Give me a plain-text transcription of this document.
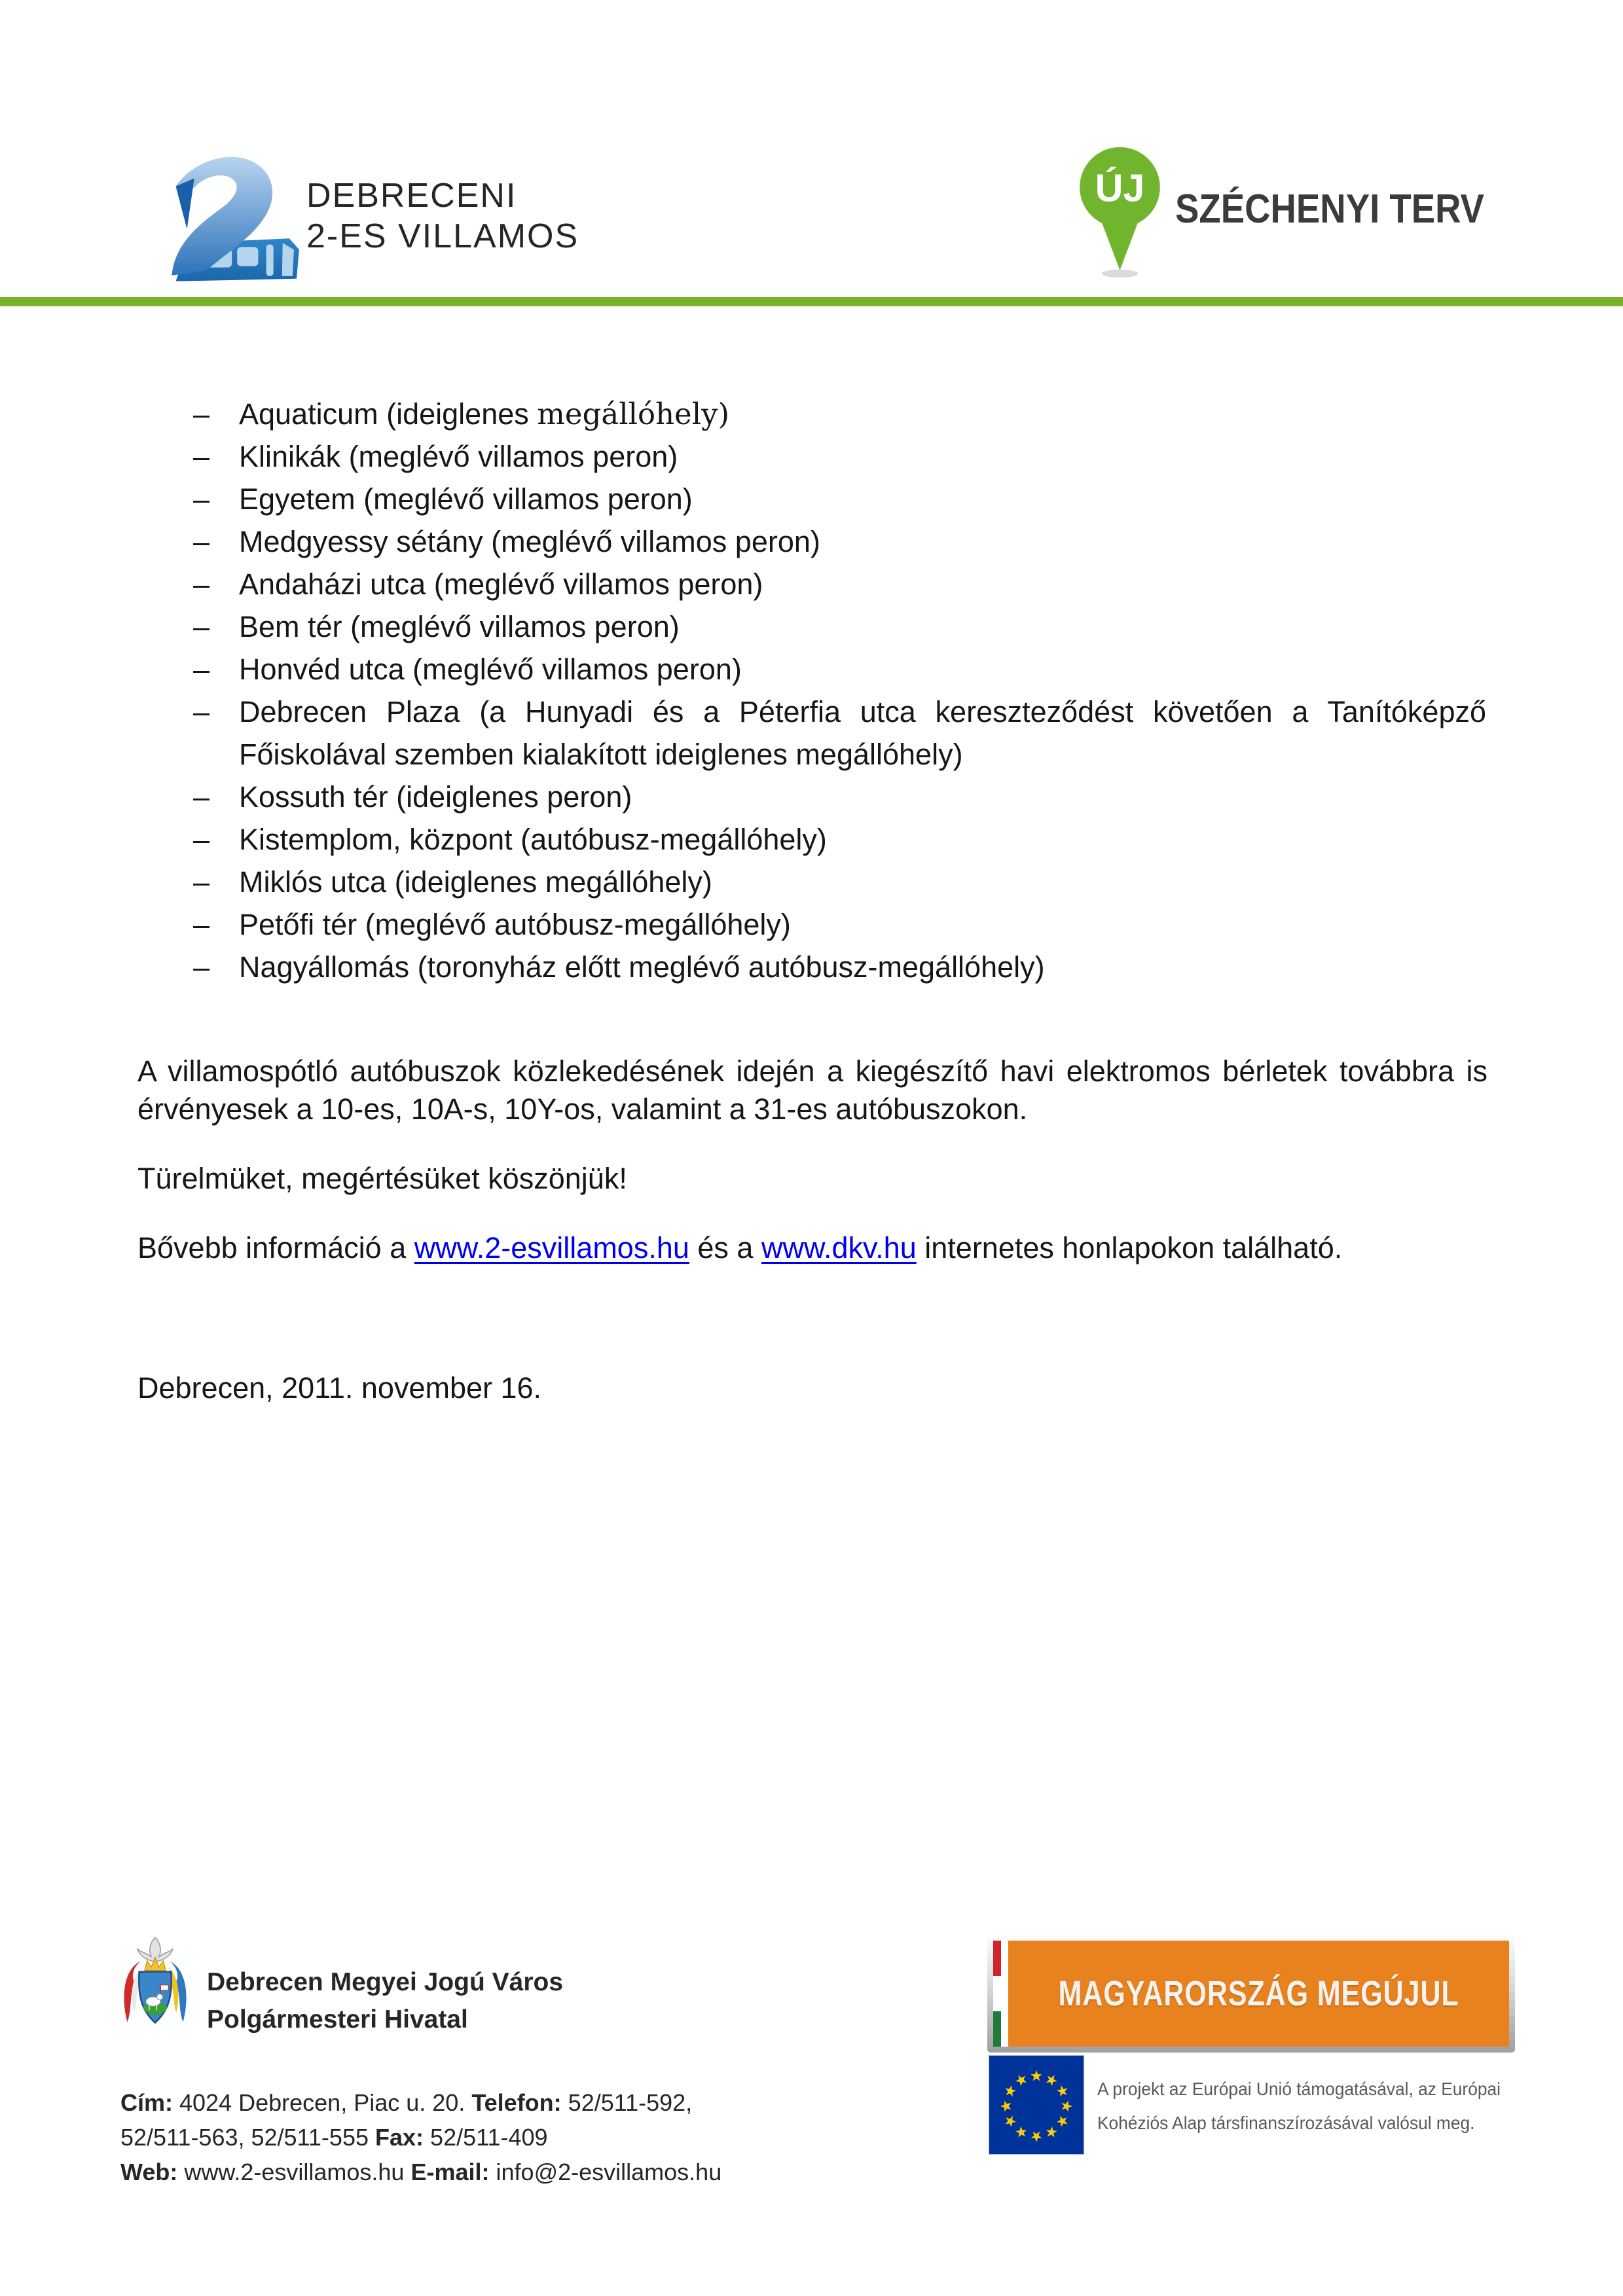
DEBRECENI
2-ES VILLAMOS
ÚJ SZÉCHENYI TERV
– Aquaticum (ideiglenes megállóhely)
– Klinikák (meglévő villamos peron)
– Egyetem (meglévő villamos peron)
– Medgyessy sétány (meglévő villamos peron)
– Andaházi utca (meglévő villamos peron)
– Bem tér (meglévő villamos peron)
– Honvéd utca (meglévő villamos peron)
– Debrecen Plaza (a Hunyadi és a Péterfia utca kereszteződést követően a Tanítóképző Főiskolával szemben kialakított ideiglenes megállóhely)
– Kossuth tér (ideiglenes peron)
– Kistemplom, központ (autóbusz-megállóhely)
– Miklós utca (ideiglenes megállóhely)
– Petőfi tér (meglévő autóbusz-megállóhely)
– Nagyállomás (toronyház előtt meglévő autóbusz-megállóhely)
A villamospótló autóbuszok közlekedésének idején a kiegészítő havi elektromos bérletek továbbra is érvényesek a 10-es, 10A-s, 10Y-os, valamint a 31-es autóbuszokon.
Türelmüket, megértésüket köszönjük!
Bővebb információ a www.2-esvillamos.hu és a www.dkv.hu internetes honlapokon található.
Debrecen, 2011. november 16.
Debrecen Megyei Jogú Város
Polgármesteri Hivatal
Cím: 4024 Debrecen, Piac u. 20. Telefon: 52/511-592,
52/511-563, 52/511-555 Fax: 52/511-409
Web: www.2-esvillamos.hu E-mail: info@2-esvillamos.hu
MAGYARORSZÁG MEGÚJUL
A projekt az Európai Unió támogatásával, az Európai
Kohéziós Alap társfinanszírozásával valósul meg.
